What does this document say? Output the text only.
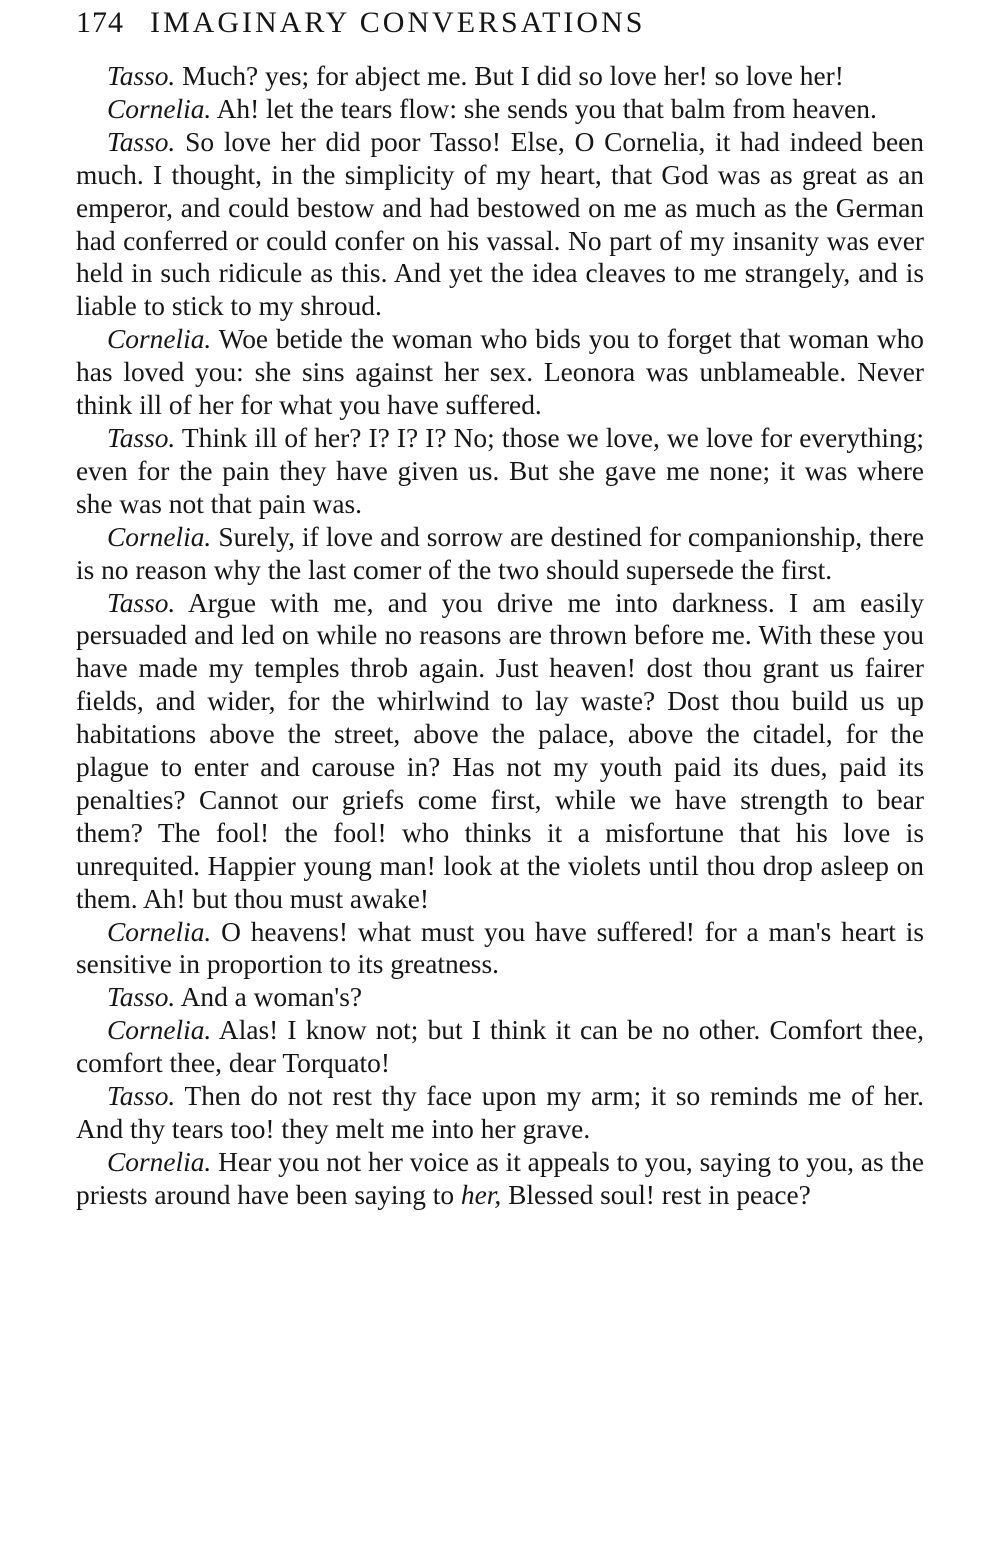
174 IMAGINARY CONVERSATIONS

Tasso. Much? yes; for abject me. But I did so love her! so love her!

Cornelia. Ah! let the tears flow: she sends you that balm from heaven.

Tasso. So love her did poor Tasso! Else, O Cornelia, it had indeed been much. I thought, in the simplicity of my heart, that God was as great as an emperor, and could bestow and had bestowed on me as much as the German had conferred or could confer on his vassal. No part of my insanity was ever held in such ridicule as this. And yet the idea cleaves to me strangely, and is liable to stick to my shroud.

Cornelia. Woe betide the woman who bids you to forget that woman who has loved you: she sins against her sex. Leonora was unblameable. Never think ill of her for what you have suffered.

Tasso. Think ill of her? I? I? I? No; those we love, we love for everything; even for the pain they have given us. But she gave me none; it was where she was not that pain was.

Cornelia. Surely, if love and sorrow are destined for companionship, there is no reason why the last comer of the two should supersede the first.

Tasso. Argue with me, and you drive me into darkness. I am easily persuaded and led on while no reasons are thrown before me. With these you have made my temples throb again. Just heaven! dost thou grant us fairer fields, and wider, for the whirlwind to lay waste? Dost thou build us up habitations above the street, above the palace, above the citadel, for the plague to enter and carouse in? Has not my youth paid its dues, paid its penalties? Cannot our griefs come first, while we have strength to bear them? The fool! the fool! who thinks it a misfortune that his love is unrequited. Happier young man! look at the violets until thou drop asleep on them. Ah! but thou must awake!

Cornelia. O heavens! what must you have suffered! for a man's heart is sensitive in proportion to its greatness.

Tasso. And a woman's?

Cornelia. Alas! I know not; but I think it can be no other. Comfort thee, comfort thee, dear Torquato!

Tasso. Then do not rest thy face upon my arm; it so reminds me of her. And thy tears too! they melt me into her grave.

Cornelia. Hear you not her voice as it appeals to you, saying to you, as the priests around have been saying to her, Blessed soul! rest in peace?
